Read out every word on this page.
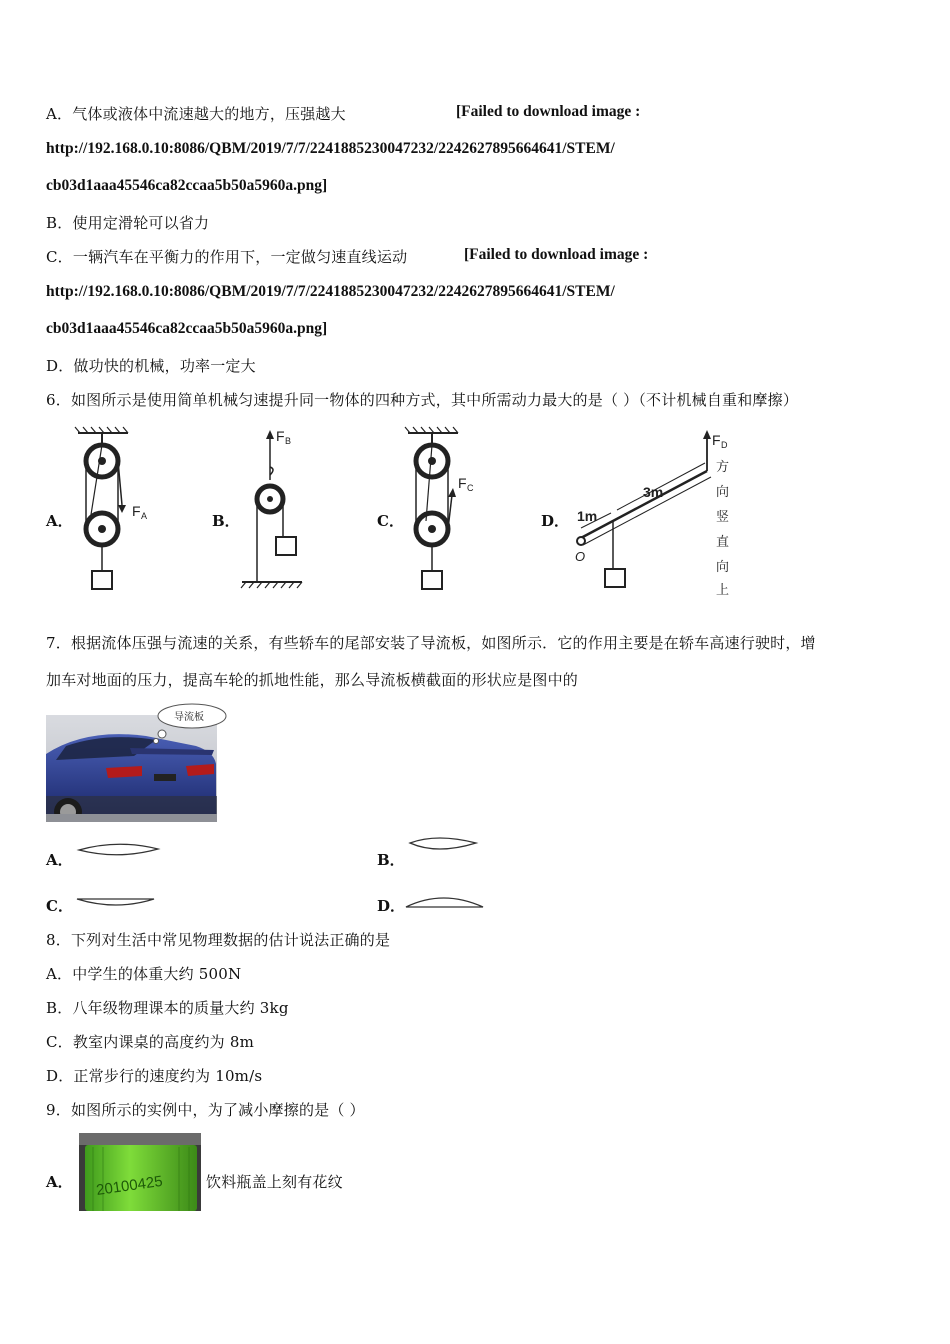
A．气体或液体中流速越大的地方，压强越大	[Failed to download image :
http://192.168.0.10:8086/QBM/2019/7/7/2241885230047232/2242627895664641/STEM/
cb03d1aaa45546ca82ccaa5b50a5960a.png]
B．使用定滑轮可以省力
C．一辆汽车在平衡力的作用下，一定做匀速直线运动	[Failed to download image :
http://192.168.0.10:8086/QBM/2019/7/7/2241885230047232/2242627895664641/STEM/
cb03d1aaa45546ca82ccaa5b50a5960a.png]
D．做功快的机械，功率一定大
6．如图所示是使用简单机械匀速提升同一物体的四种方式，其中所需动力最大的是（ ）（不计机械自重和摩擦）
A．	B．	C．	D．
F A
F B
F C
1m
3m
O
F D
方
向
竖
直
向
上
7．根据流体压强与流速的关系，有些轿车的尾部安装了导流板，如图所示．它的作用主要是在轿车高速行驶时，增
加车对地面的压力，提高车轮的抓地性能，那么导流板横截面的形状应是图中的
导流板
A．	B．
C．	D．
8．下列对生活中常见物理数据的估计说法正确的是
A．中学生的体重大约 500N
B．八年级物理课本的质量大约 3kg
C．教室内课桌的高度约为 8m
D．正常步行的速度约为 10m/s
9．如图所示的实例中，为了减小摩擦的是（ ）
A． 20100425	饮料瓶盖上刻有花纹
